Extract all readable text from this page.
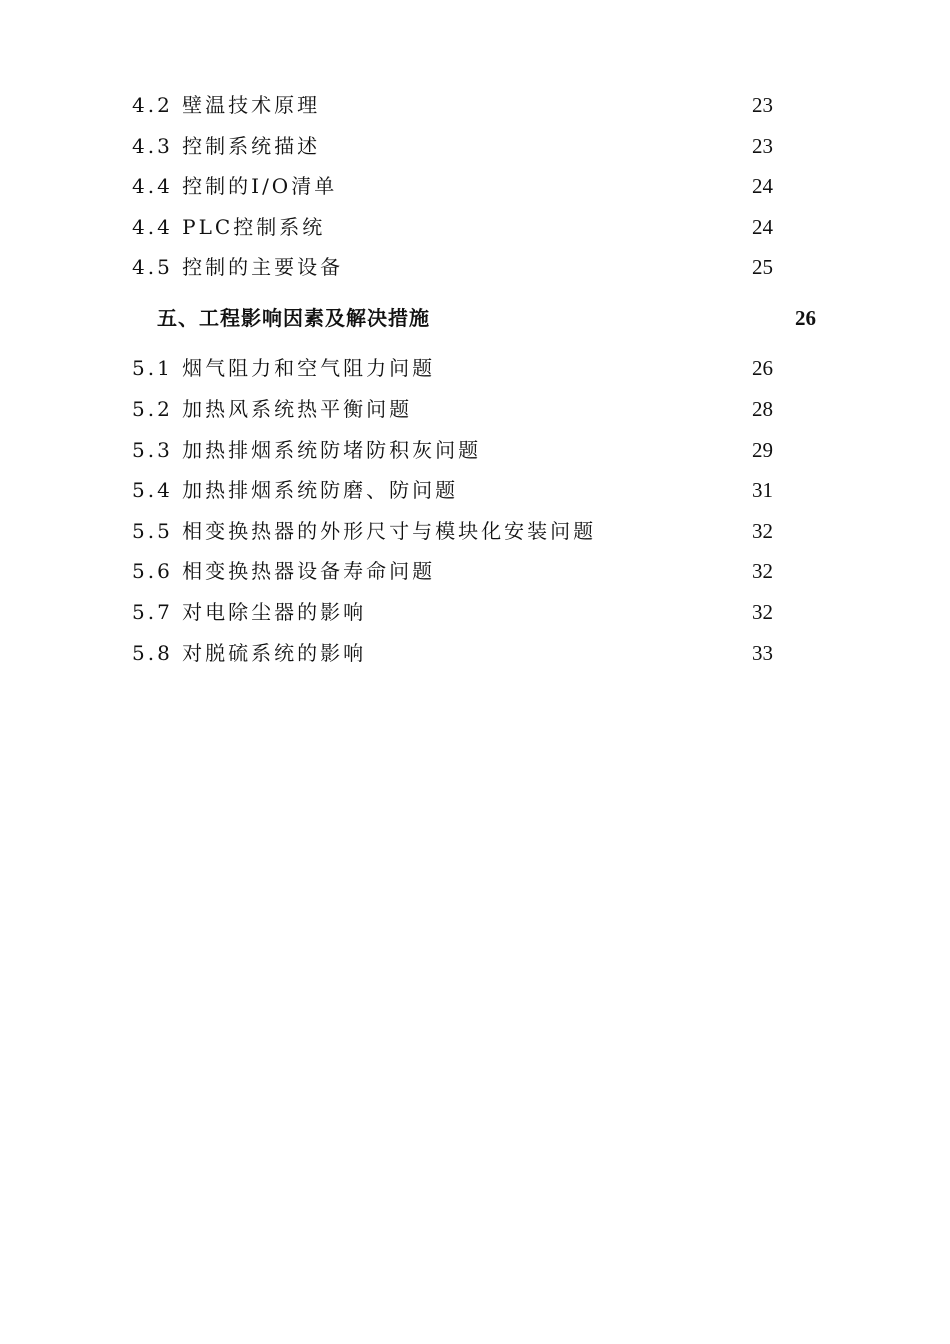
4.2 壁温技术原理	23
4.3 控制系统描述	23
4.4 控制的I/O清单	24
4.4 PLC控制系统	24
4.5 控制的主要设备	25
五、工程影响因素及解决措施	26
5.1 烟气阻力和空气阻力问题	26
5.2 加热风系统热平衡问题	28
5.3 加热排烟系统防堵防积灰问题	29
5.4 加热排烟系统防磨、防问题	31
5.5 相变换热器的外形尺寸与模块化安装问题	32
5.6 相变换热器设备寿命问题	32
5.7 对电除尘器的影响	32
5.8 对脱硫系统的影响	33
